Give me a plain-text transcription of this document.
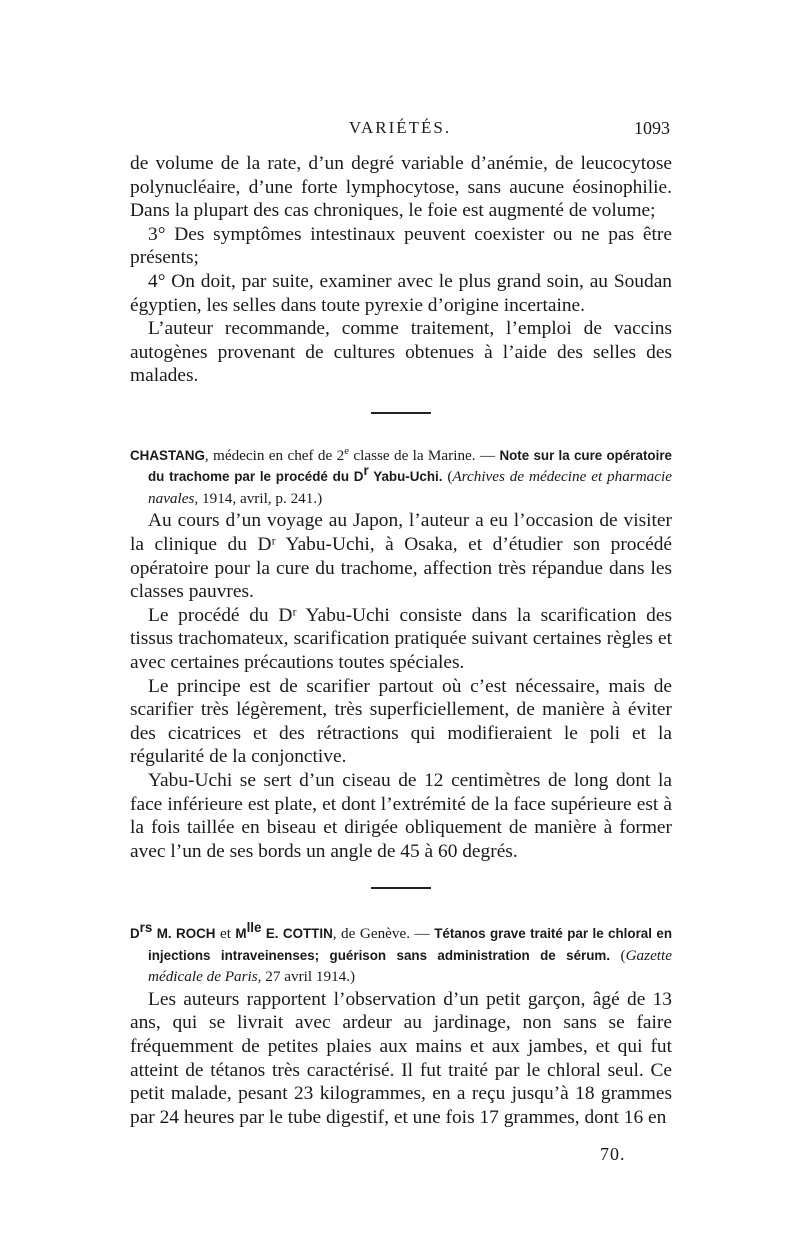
VARIÉTÉS.	1093

de volume de la rate, d’un degré variable d’anémie, de leucocytose polynucléaire, d’une forte lymphocytose, sans aucune éosinophilie. Dans la plupart des cas chroniques, le foie est augmenté de volume;

3° Des symptômes intestinaux peuvent coexister ou ne pas être présents;

4° On doit, par suite, examiner avec le plus grand soin, au Soudan égyptien, les selles dans toute pyrexie d’origine incertaine.

L’auteur recommande, comme traitement, l’emploi de vaccins autogènes provenant de cultures obtenues à l’aide des selles des malades.

CHASTANG, médecin en chef de 2e classe de la Marine. — Note sur la cure opératoire du trachome par le procédé du Dr Yabu-Uchi. (Archives de médecine et pharmacie navales, 1914, avril, p. 241.)

Au cours d’un voyage au Japon, l’auteur a eu l’occasion de visiter la clinique du Dʳ Yabu-Uchi, à Osaka, et d’étudier son procédé opératoire pour la cure du trachome, affection très répandue dans les classes pauvres.

Le procédé du Dʳ Yabu-Uchi consiste dans la scarification des tissus trachomateux, scarification pratiquée suivant certaines règles et avec certaines précautions toutes spéciales.

Le principe est de scarifier partout où c’est nécessaire, mais de scarifier très légèrement, très superficiellement, de manière à éviter des cicatrices et des rétractions qui modifieraient le poli et la régularité de la conjonctive.

Yabu-Uchi se sert d’un ciseau de 12 centimètres de long dont la face inférieure est plate, et dont l’extrémité de la face supérieure est à la fois taillée en biseau et dirigée obliquement de manière à former avec l’un de ses bords un angle de 45 à 60 degrés.

Drs M. ROCH et Mlle E. COTTIN, de Genève. — Tétanos grave traité par le chloral en injections intraveinenses; guérison sans administration de sérum. (Gazette médicale de Paris, 27 avril 1914.)

Les auteurs rapportent l’observation d’un petit garçon, âgé de 13 ans, qui se livrait avec ardeur au jardinage, non sans se faire fréquemment de petites plaies aux mains et aux jambes, et qui fut atteint de tétanos très caractérisé. Il fut traité par le chloral seul. Ce petit malade, pesant 23 kilogrammes, en a reçu jusqu’à 18 grammes par 24 heures par le tube digestif, et une fois 17 grammes, dont 16 en

70.
